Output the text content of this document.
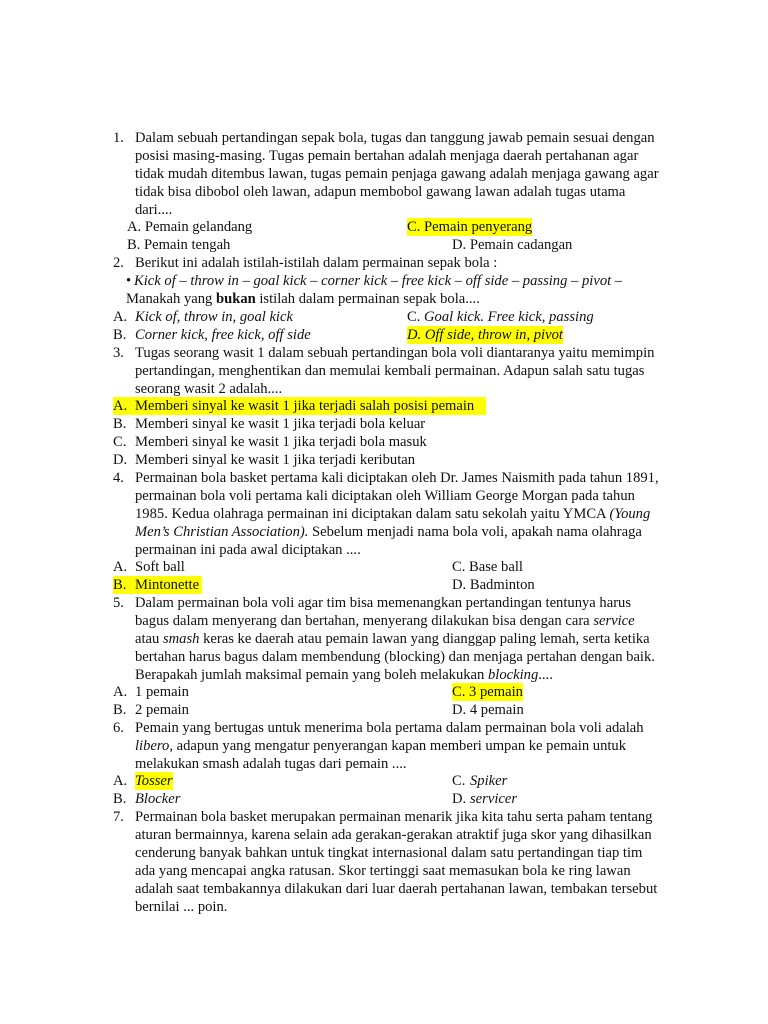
1. Dalam sebuah pertandingan sepak bola, tugas dan tanggung jawab pemain sesuai dengan
posisi masing-masing. Tugas pemain bertahan adalah menjaga daerah pertahanan agar
tidak mudah ditembus lawan, tugas pemain penjaga gawang adalah menjaga gawang agar
tidak bisa dibobol oleh lawan, adapun membobol gawang lawan adalah tugas utama
dari....
A. Pemain gelandang	C. Pemain penyerang
B. Pemain tengah	D. Pemain cadangan
2. Berikut ini adalah istilah-istilah dalam permainan sepak bola :
• Kick of – throw in – goal kick – corner kick – free kick – off side – passing – pivot –
Manakah yang bukan istilah dalam permainan sepak bola....
A. Kick of, throw in, goal kick	C. Goal kick. Free kick, passing
B. Corner kick, free kick, off side	D. Off side, throw in, pivot
3. Tugas seorang wasit 1 dalam sebuah pertandingan bola voli diantaranya yaitu memimpin
pertandingan, menghentikan dan memulai kembali permainan. Adapun salah satu tugas
seorang wasit 2 adalah....
A. Memberi sinyal ke wasit 1 jika terjadi salah posisi pemain
B. Memberi sinyal ke wasit 1 jika terjadi bola keluar
C. Memberi sinyal ke wasit 1 jika terjadi bola masuk
D. Memberi sinyal ke wasit 1 jika terjadi keributan
4. Permainan bola basket pertama kali diciptakan oleh Dr. James Naismith pada tahun 1891,
permainan bola voli pertama kali diciptakan oleh William George Morgan pada tahun
1985. Kedua olahraga permainan ini diciptakan dalam satu sekolah yaitu YMCA (Young
Men’s Christian Association). Sebelum menjadi nama bola voli, apakah nama olahraga
permainan ini pada awal diciptakan ....
A. Soft ball	C. Base ball
B. Mintonette	D. Badminton
5. Dalam permainan bola voli agar tim bisa memenangkan pertandingan tentunya harus
bagus dalam menyerang dan bertahan, menyerang dilakukan bisa dengan cara service
atau smash keras ke daerah atau pemain lawan yang dianggap paling lemah, serta ketika
bertahan harus bagus dalam membendung (blocking) dan menjaga pertahan dengan baik.
Berapakah jumlah maksimal pemain yang boleh melakukan blocking....
A. 1 pemain	C. 3 pemain
B. 2 pemain	D. 4 pemain
6. Pemain yang bertugas untuk menerima bola pertama dalam permainan bola voli adalah
libero, adapun yang mengatur penyerangan kapan memberi umpan ke pemain untuk
melakukan smash adalah tugas dari pemain ....
A. Tosser	C. Spiker
B. Blocker	D. servicer
7. Permainan bola basket merupakan permainan menarik jika kita tahu serta paham tentang
aturan bermainnya, karena selain ada gerakan-gerakan atraktif juga skor yang dihasilkan
cenderung banyak bahkan untuk tingkat internasional dalam satu pertandingan tiap tim
ada yang mencapai angka ratusan. Skor tertinggi saat memasukan bola ke ring lawan
adalah saat tembakannya dilakukan dari luar daerah pertahanan lawan, tembakan tersebut
bernilai ... poin.
